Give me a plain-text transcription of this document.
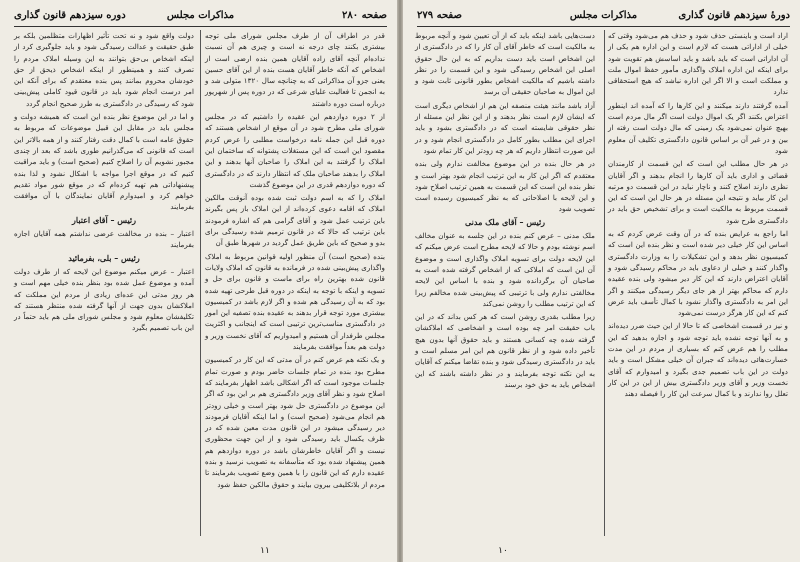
صفحه ۲۸۰
مذاکرات مجلس
دوره سیزدهم قانون گذاری

قدر در اطراف آن از طرف مجلس شورای ملی توجه بیشتری بکنند چای درجه نه است و چیزی هم آن نسبت نداده‌ام آنچه آقای زاده آقایان همین بنده ارضی است از اشخاص که آنکه خاطر آقایان هست بنده از این آقای حسین یعنی جزو آن مذاکراتی که به چنانچه سال ۱۳۲۰ متولی شد و به انجمن تا فعالیت علیای شرعی که در دوره پس از شهریور درباره است دوره داشتند

از ۲ دوره دوازدهم این عقیده را داشتیم که در مجلس شورای ملی مطرح شود در آن موقع از اشخاص هستند که دوره قبل این جمله نامه درخواست مطلبی را عرض کردم مقصود این است که این مستغلات پشتوانه که ساختمان این املاک را گرفتند به این املاک را صاحبان آنها بدهند و این املاک را بدهند صاحبان ملک که انتظار دارند که در دادگستری که دوره دوازدهم قدری در این موضوع گذشت

املاک را که به اسم دولت ثبت شده بوده آنوقت مالکین املاک که اقامه دعوی کرده‌اند از این املاک باز پس بگیرند باین ترتیب عمل شود و آقای گرامی هم که اشاره فرمودند باین ترتیب که حالا که در قانون ترمیم شده رسیدگی برای بدو و صحیح که باین طریق عمل گردید در شهرها طبق آن

بنده (صحیح است) آن منظور اولیه قوانین مربوط به املاک واگذاری پیش‌بینی شده در فرمانده به قانون که املاک ولایات قانون شده بهترین راه برای ماست و قانون برای حل و تسویه و اینکه با توجه به اینکه در دوره قبل طرحی تهیه شده بود که به آن رسیدگی هم شده و اگر لازم باشد در کمیسیون بیشتری مورد توجه قرار بدهند به عقیده بنده تصفیه این امور در دادگستری مناسب‌ترین ترتیبی است که اینجانب و اکثریت مجلس طرفدار آن هستیم و امیدواریم که آقای نخست وزیر و دولت هم بعداً موافقت بفرمایند

و یک نکته هم عرض کنم در آن مدتی که این کار در کمیسیون مطرح بود بنده در تمام جلسات حاضر بودم و صورت تمام جلسات موجود است که اگر اشکالی باشد اظهار بفرمایند که اصلاح شود و نظر آقای وزیر دادگستری هم بر این بود که اگر این موضوع در دادگستری حل شود بهتر است و خیلی زودتر هم انجام می‌شود (صحیح است) و اما اینکه آقایان فرمودند دیر رسیدگی میشود در این قانون مدت معین شده که در ظرف یکسال باید رسیدگی شود و از این جهت محظوری نیست و اگر آقایان خاطرشان باشد در دوره دوازدهم هم همین پیشنهاد شده بود که متأسفانه به تصویب نرسید و بنده عقیده دارم که این قانون را با همین وضع تصویب بفرمایند تا مردم از بلاتکلیفی بیرون بیایند و حقوق مالکین حفظ شود

دولت واقع شود و نه تحت تأثیر اظهارات متظلمین بلکه بر طبق حقیقت و عدالت رسیدگی شود و باید جلوگیری کرد از اینکه اشخاص بی‌حق بتوانند به این وسیله املاک مردم را تصرف کنند و همینطور از اینکه اشخاص ذیحق از حق خودشان محروم بمانند پس بنده معتقدم که برای آنکه این امر درست انجام شود باید در قانون قیود کاملی پیش‌بینی شود که رسیدگی در دادگستری به طرز صحیح انجام گردد

و اما در این موضوع نظر بنده این است که همیشه دولت و مجلس باید در مقابل این قبیل موضوعات که مربوط به حقوق عامه است با کمال دقت رفتار کنند و از همه بالاتر این است که قانونی که می‌گذرانیم طوری باشد که بعد از چندی مجبور نشویم آن را اصلاح کنیم (صحیح است) و باید مراقبت کنیم که در موقع اجرا مواجه با اشکال نشود و لذا بنده پیشنهاداتی هم تهیه کرده‌ام که در موقع شور مواد تقدیم خواهم کرد و امیدوارم آقایان نمایندگان با آن موافقت بفرمایند

رئیس – آقای اعتبار

اعتبار – بنده در مخالفت عرضی نداشتم همه آقایان اجازه بفرمایند

رئیس – بلی، بفرمائید

اعتبار – عرض میکنم موضوع این لایحه که از طرف دولت آمده و موضوع عمل شده بود بنظر بنده خیلی مهم است و هر روز مدتی این عده‌ای زیادی از مردم این مملکت که املاکشان بدون جهت از آنها گرفته شده منتظر هستند که تکلیفشان معلوم شود و مجلس شورای ملی هم باید حتماً در این باب تصمیم بگیرد

۱۱
دورهٔ سیزدهم قانون گذاری
مذاکرات مجلس
صفحه ۲۷۹

اراد است و باینستی حذف شود و حذف هم می‌شود وقتی که خیلی از اداراتی هست که لازم است و این اداره هم یکی از آن اداراتی است که باید باشد و باید اساسش هم تقویت شود برای اینکه این اداره املاک واگذاری مأمور حفظ اموال ملت و مملکت است و الا اگر این اداره نباشد که هیچ استحقاقی ندارد

آمده گرفتند دارند میکنند و این کارها را که آمده اند اینطور اعتراض بکنند اگر یک اموال دولت است اگر مال مردم است بهیچ عنوان نمی‌شود یک زمینی که مال دولت است رفته از بین و در غیر آن بر اساس قانون دادگستری تکلیف آن معلوم شود

در هر حال مطلب این است که این قسمت از کارمندان قضائی و اداری باید آن کارها را انجام بدهند و اگر آقایان نظری دارند اصلاح کنند و ناچار نباید در این قسمت دو مرتبه این کار بیاید و نتیجه این مسئله در هر حال این است که این قسمت مربوط به مالکیت است و برای تشخیص حق باید در دادگستری طرح شود

اما راجع به عرایض بنده که در آن وقت عرض کردم که به اساس این کار خیلی دیر شده است و نظر بنده این است که کمیسیون نظر بدهد و این تشکیلات را به وزارت دادگستری واگذار کنند و خیلی از دعاوی باید در محاکم رسیدگی شود و آقایان اعتراض دارند که این کار دیر میشود ولی بنده عقیده دارم که محاکم بهتر از هر جای دیگر رسیدگی میکنند و اگر این امر به دادگستری واگذار نشود با کمال تأسف باید عرض کنم که این کار هرگز درست نمی‌شود

و نیز در قسمت اشخاصی که تا حالا از این حیث ضرر دیده‌اند و به آنها توجه نشده باید توجه شود و اجازه بدهید که این مطلب را هم عرض کنم که بسیاری از مردم در این مدت خسارت‌هائی دیده‌اند که جبران آن خیلی مشکل است و باید دولت در این باب تصمیم جدی بگیرد و امیدوارم که آقای نخست وزیر و آقای وزیر دادگستری بیش از این در این کار تعلل روا ندارند و با کمال سرعت این کار را فیصله دهند

دست‌هایی باشد اینکه باید که از آن تعیین شود و آنچه مربوط به مالکیت است که خاطر آقای آن کار را که در دادگستری از این اشخاص است باید دست بداریم که به این حال حقوق اصلی این اشخاص رسیدگی شود و این قسمت را در نظر داشته باشیم که مالکیت اشخاص بطور قانونی ثابت شود و این اموال به صاحبان حقیقی آن برسد

آزاد باشد مانند هیئت منصفه این هم از اشخاص دیگری است که ایشان لازم است نظر بدهند و از این نظر این مسئله از نظر حقوقی شایسته است که در دادگستری بشود و باید اجرای این مطلب بطور کامل در دادگستری انجام شود و در این صورت انتظار داریم که هر چه زودتر این کار تمام شود

در هر حال بنده در این موضوع مخالفت ندارم ولی بنده معتقدم که اگر این کار به این ترتیب انجام شود بهتر است و نظر بنده این است که این قسمت به همین ترتیب اصلاح شود و این لایحه با اصلاحاتی که به نظر کمیسیون رسیده است تصویب شود

رئیس – آقای ملک مدنی

ملک مدنی – عرض کنم بنده در این جلسه به عنوان مخالف اسم نوشته بودم و حالا که لایحه مطرح است عرض میکنم که این لایحه دولت برای تسویه املاک واگذاری است و موضوع آن این است که املاکی که از اشخاص گرفته شده است به صاحبان آن برگردانده شود و بنده با اساس این لایحه مخالفتی ندارم ولی با ترتیبی که پیش‌بینی شده مخالفم زیرا که این ترتیب مطلب را روشن نمی‌کند

زیرا مطلب بقدری روشن است که هر کس بداند که در این باب حقیقت امر چه بوده است و اشخاصی که املاکشان گرفته شده چه کسانی هستند و باید حقوق آنها بدون هیچ تأخیر داده شود و از نظر قانون هم این امر مسلم است و باید در دادگستری رسیدگی شود و بنده تقاضا میکنم که آقایان به این نکته توجه بفرمایند و در نظر داشته باشند که این اشخاص باید به حق خود برسند

۱۰
